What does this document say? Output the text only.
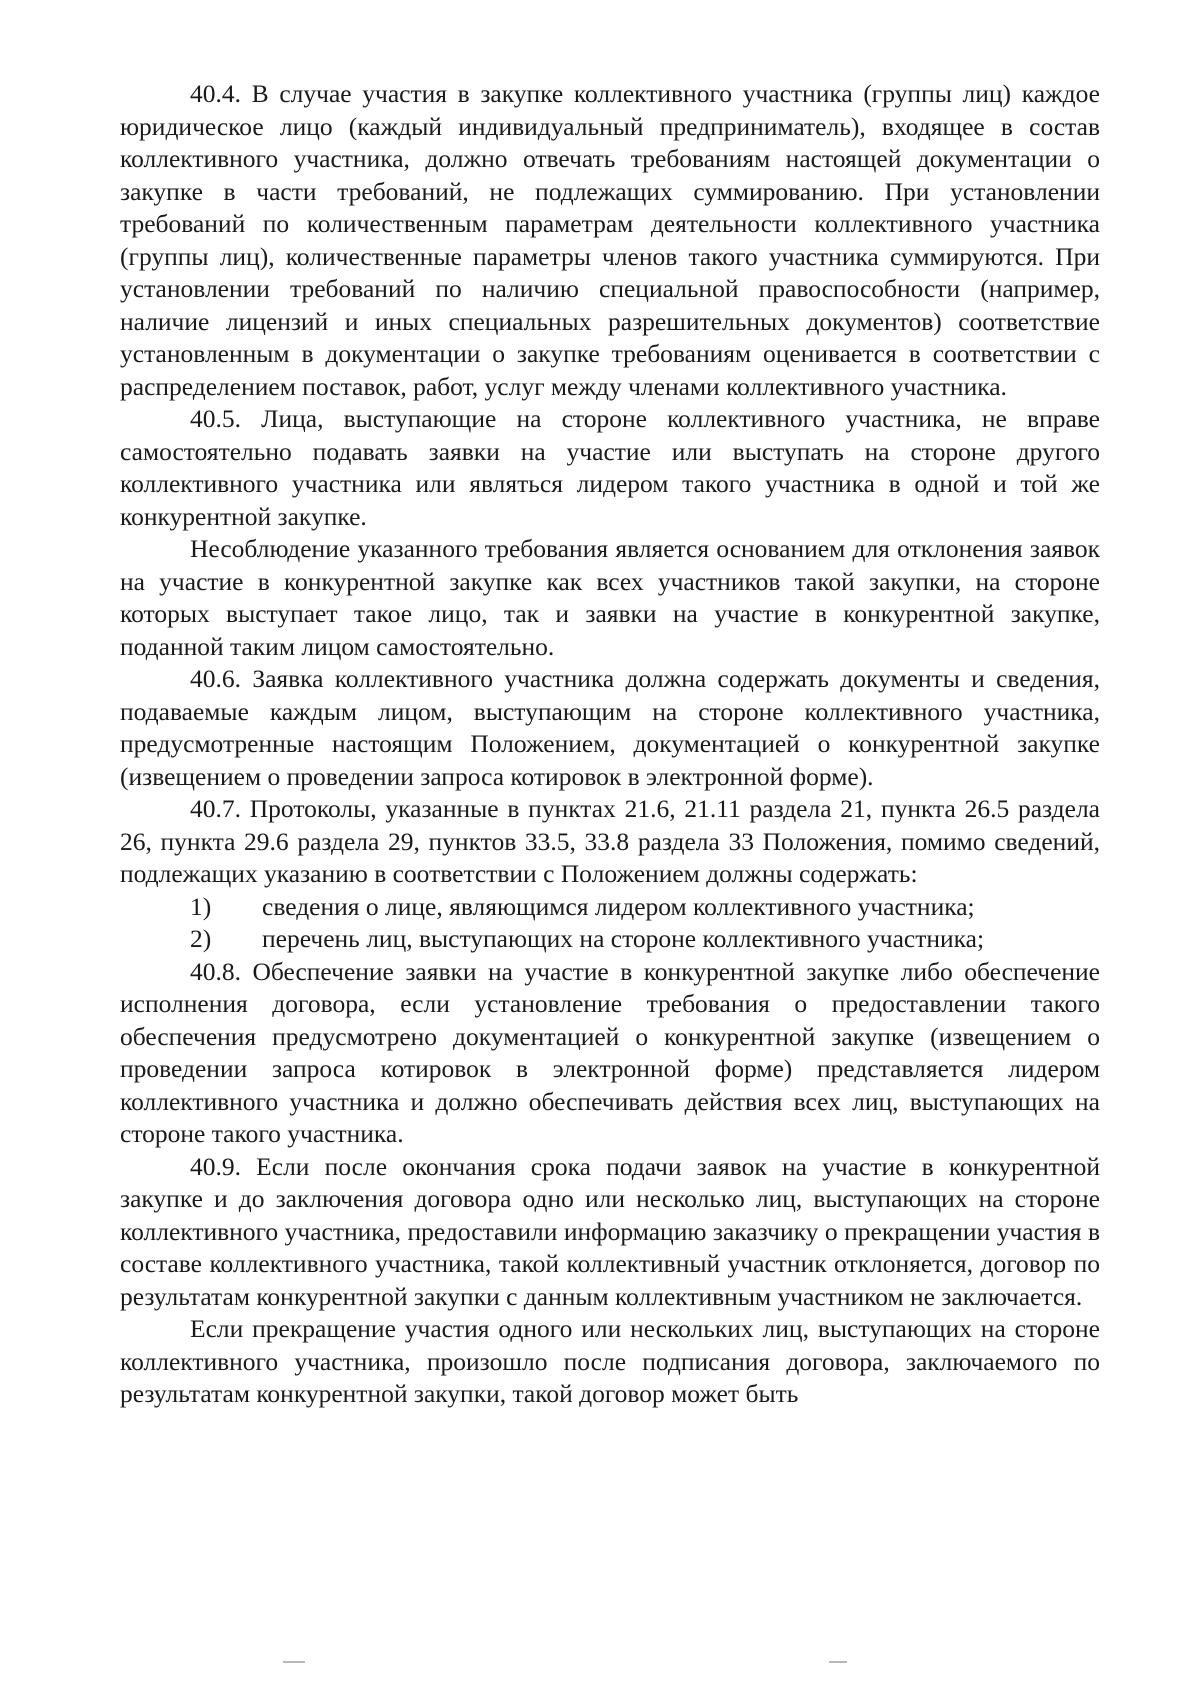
40.4. В случае участия в закупке коллективного участника (группы лиц) каждое юридическое лицо (каждый индивидуальный предприниматель), входящее в состав коллективного участника, должно отвечать требованиям настоящей документации о закупке в части требований, не подлежащих суммированию. При установлении требований по количественным параметрам деятельности коллективного участника (группы лиц), количественные параметры членов такого участника суммируются. При установлении требований по наличию специальной правоспособности (например, наличие лицензий и иных специальных разрешительных документов) соответствие установленным в документации о закупке требованиям оценивается в соответствии с распределением поставок, работ, услуг между членами коллективного участника.

40.5. Лица, выступающие на стороне коллективного участника, не вправе самостоятельно подавать заявки на участие или выступать на стороне другого коллективного участника или являться лидером такого участника в одной и той же конкурентной закупке.

Несоблюдение указанного требования является основанием для отклонения заявок на участие в конкурентной закупке как всех участников такой закупки, на стороне которых выступает такое лицо, так и заявки на участие в конкурентной закупке, поданной таким лицом самостоятельно.

40.6. Заявка коллективного участника должна содержать документы и сведения, подаваемые каждым лицом, выступающим на стороне коллективного участника, предусмотренные настоящим Положением, документацией о конкурентной закупке (извещением о проведении запроса котировок в электронной форме).

40.7. Протоколы, указанные в пунктах 21.6, 21.11 раздела 21, пункта 26.5 раздела 26, пункта 29.6 раздела 29, пунктов 33.5, 33.8 раздела 33 Положения, помимо сведений, подлежащих указанию в соответствии с Положением должны содержать:

1) сведения о лице, являющимся лидером коллективного участника;
2) перечень лиц, выступающих на стороне коллективного участника;

40.8. Обеспечение заявки на участие в конкурентной закупке либо обеспечение исполнения договора, если установление требования о предоставлении такого обеспечения предусмотрено документацией о конкурентной закупке (извещением о проведении запроса котировок в электронной форме) представляется лидером коллективного участника и должно обеспечивать действия всех лиц, выступающих на стороне такого участника.

40.9. Если после окончания срока подачи заявок на участие в конкурентной закупке и до заключения договора одно или несколько лиц, выступающих на стороне коллективного участника, предоставили информацию заказчику о прекращении участия в составе коллективного участника, такой коллективный участник отклоняется, договор по результатам конкурентной закупки с данным коллективным участником не заключается.

Если прекращение участия одного или нескольких лиц, выступающих на стороне коллективного участника, произошло после подписания договора, заключаемого по результатам конкурентной закупки, такой договор может быть
